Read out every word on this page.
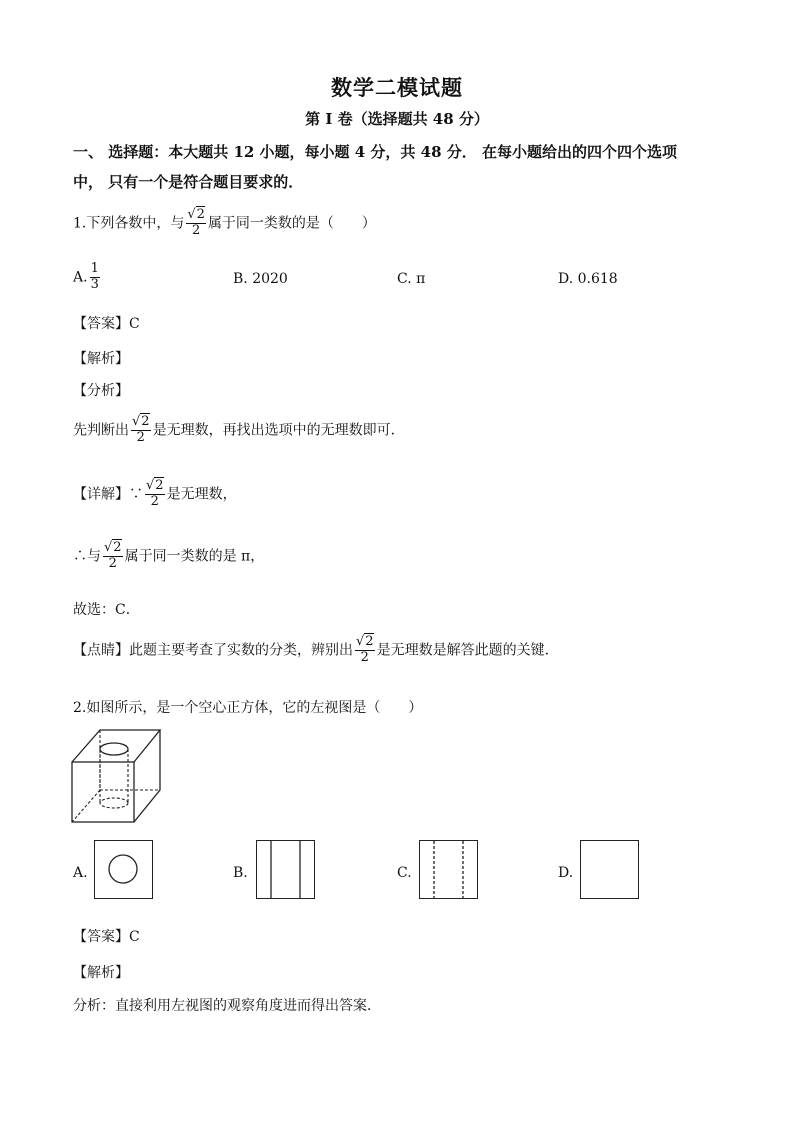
数学二模试题
第 I 卷（选择题共 48 分）
一、 选择题：本大题共 12 小题，每小题 4 分，共 48 分． 在每小题给出的四个四个选项
中， 只有一个是符合题目要求的．
1.下列各数中，与 $\frac{√2}{2}$ 属于同一类数的是（　　）
A. $\frac{1}{3}$	B. 2020	C. π	D. 0.618
【答案】C
【解析】
【分析】
先判断出 $\frac{√2}{2}$ 是无理数，再找出选项中的无理数即可．
【详解】∵ $\frac{√2}{2}$ 是无理数，
∴与 $\frac{√2}{2}$ 属于同一类数的是 π，
故选：C．
【点睛】此题主要考查了实数的分类，辨别出 $\frac{√2}{2}$ 是无理数是解答此题的关键．
2.如图所示，是一个空心正方体，它的左视图是（　　）
A.	B.	C.	D.
【答案】C
【解析】
分析：直接利用左视图的观察角度进而得出答案．
